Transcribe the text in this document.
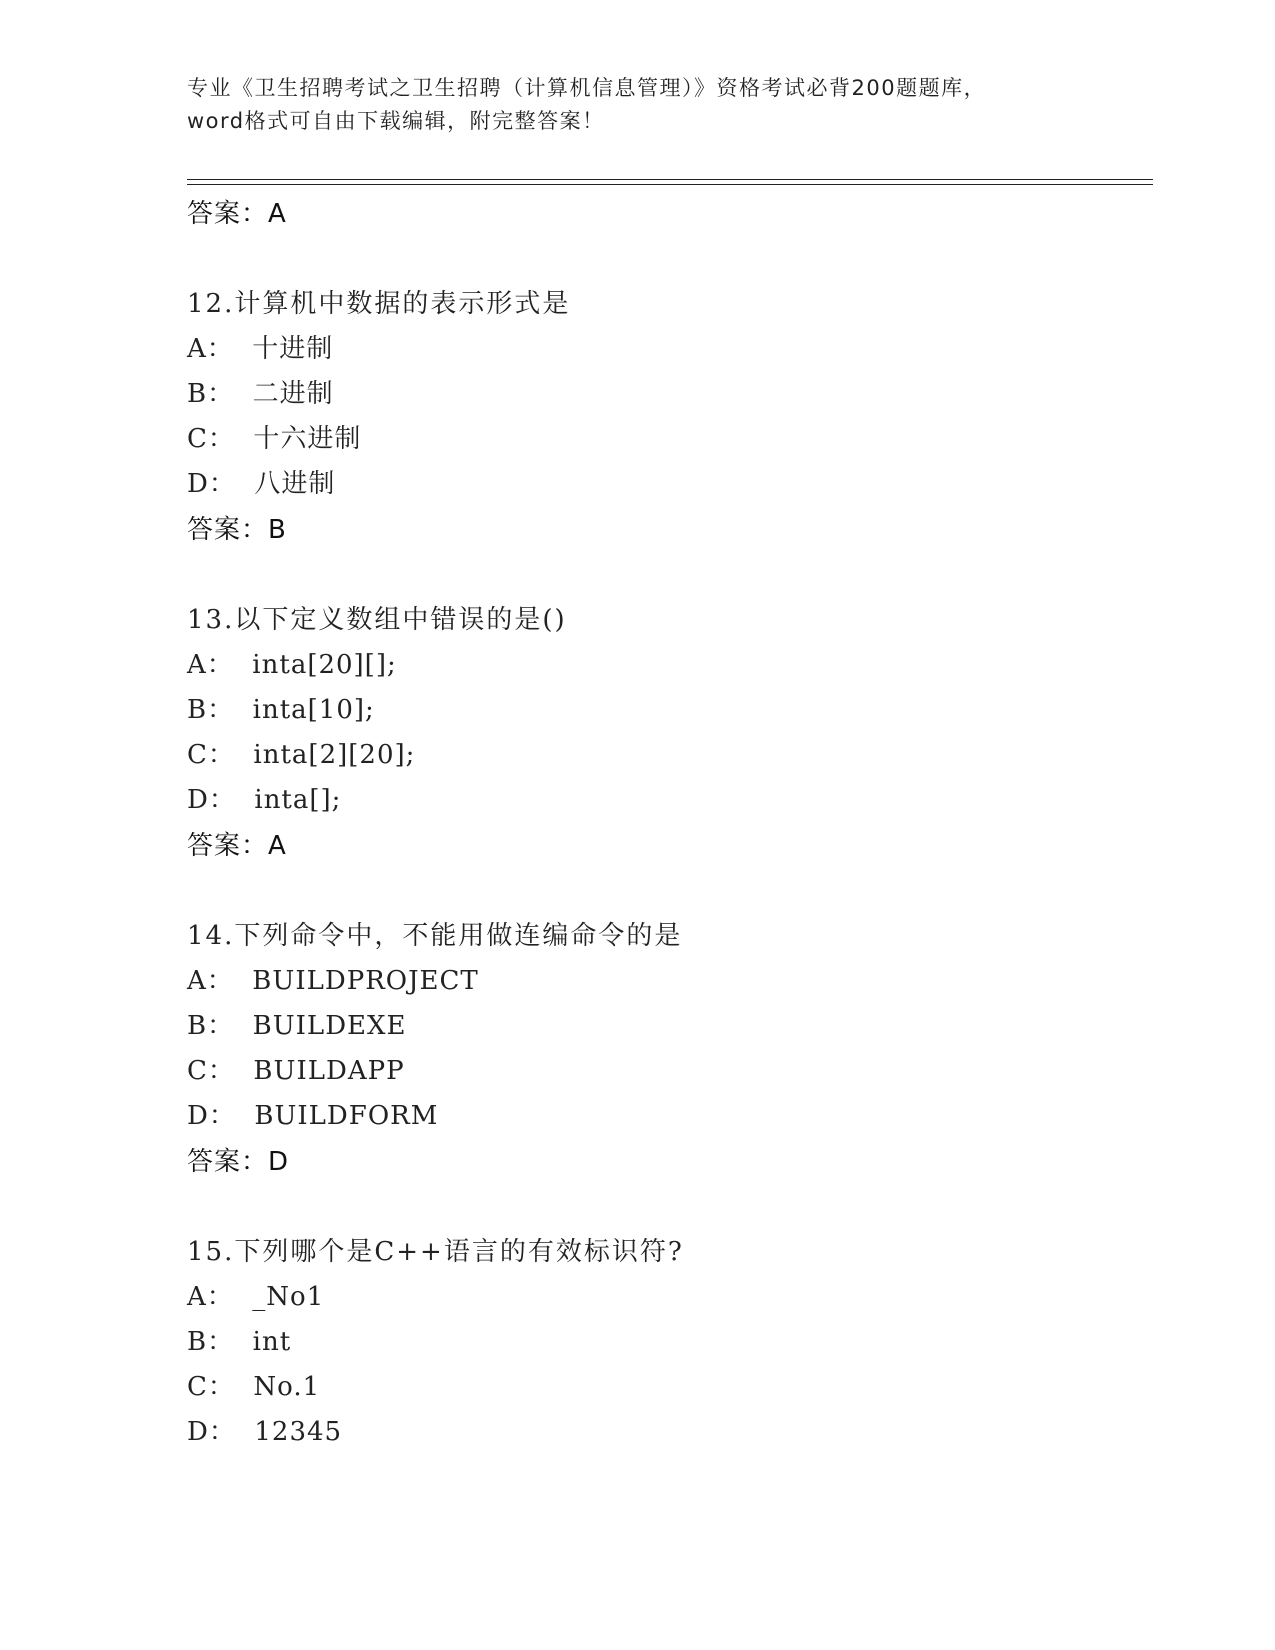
专业《卫生招聘考试之卫生招聘（计算机信息管理）》资格考试必背200题题库，
word格式可自由下载编辑，附完整答案！
答案：A
12.计算机中数据的表示形式是
A：  十进制
B：  二进制
C：  十六进制
D：  八进制
答案：B
13.以下定义数组中错误的是()
A：  inta[20][];
B：  inta[10];
C：  inta[2][20];
D：  inta[];
答案：A
14.下列命令中，不能用做连编命令的是
A：  BUILDPROJECT
B：  BUILDEXE
C：  BUILDAPP
D：  BUILDFORM
答案：D
15.下列哪个是C++语言的有效标识符?
A：  _No1
B：  int
C：  No.1
D：  12345
